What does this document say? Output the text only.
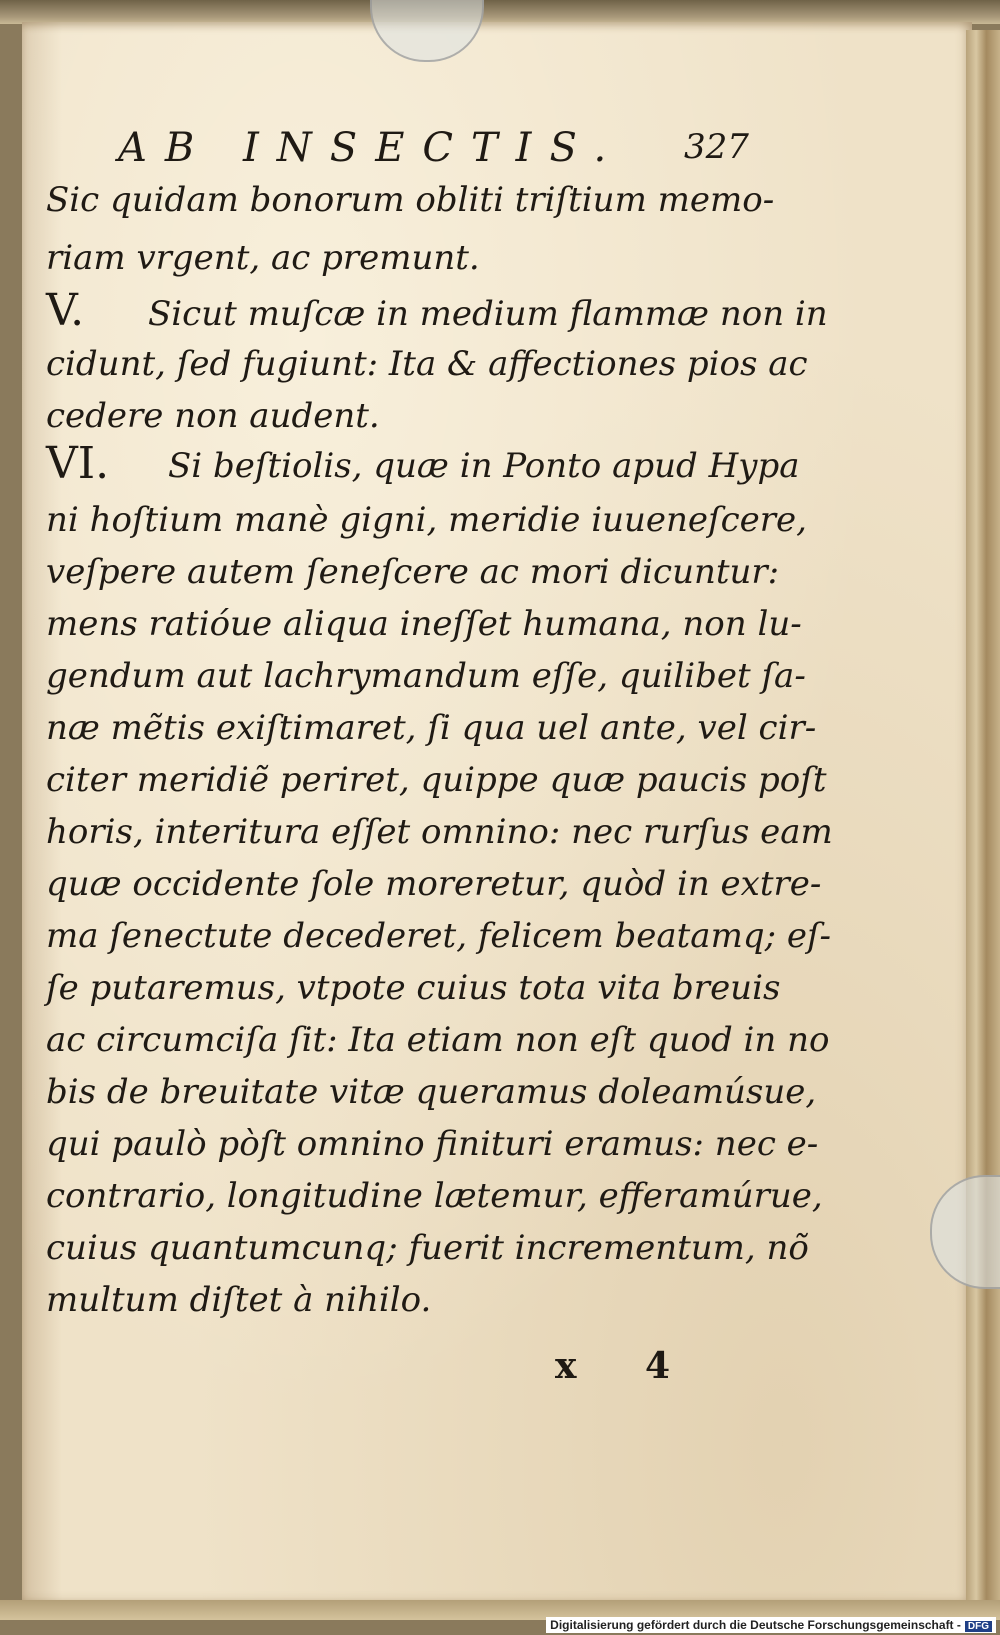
AB INSECTIS. 327
Sic quidam bonorum obliti triſtium memo-
riam vrgent, ac premunt.
V. Sicut muſcæ in medium flammæ non in
cidunt, ſed fugiunt: Ita & affectiones pios ac
cedere non audent.
VI. Si beſtiolis, quæ in Ponto apud Hypa
ni hoſtium manè gigni, meridie iuueneſcere,
veſpere autem ſeneſcere ac mori dicuntur:
mens ratióue aliqua ineſſet humana, non lu-
gendum aut lachrymandum eſſe, quilibet ſa-
næ mẽtis exiſtimaret, ſi qua uel ante, vel cir-
citer meridiẽ periret, quippe quæ paucis poſt
horis, interitura eſſet omnino: nec rurſus eam
quæ occidente ſole moreretur, quòd in extre-
ma ſenectute decederet, felicem beatamq; eſ-
ſe putaremus, vtpote cuius tota vita breuis
ac circumciſa ſit: Ita etiam non eſt quod in no
bis de breuitate vitæ queramus doleamúsue,
qui paulò pòſt omnino finituri eramus: nec e-
contrario, longitudine lætemur, efferamúrue,
cuius quantumcunq; fuerit incrementum, nõ
multum diſtet à nihilo.
x 4
Digitalisierung gefördert durch die Deutsche Forschungsgemeinschaft - DFG
